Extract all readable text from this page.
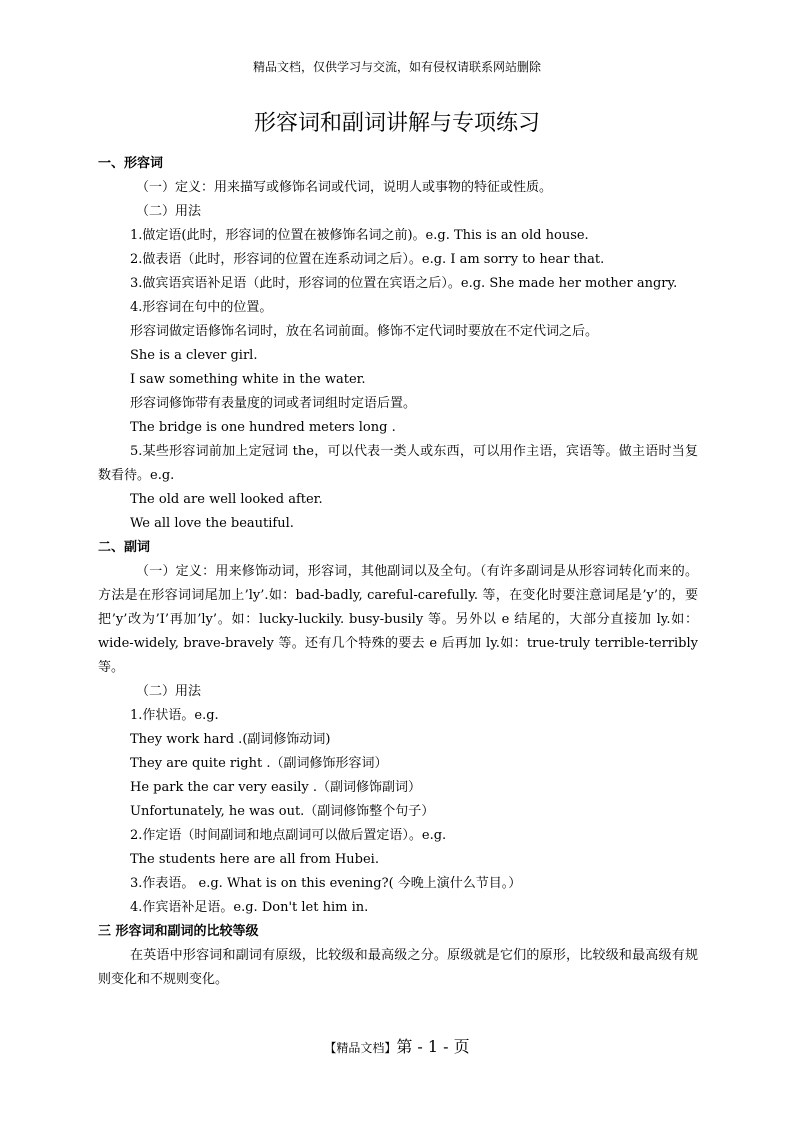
精品文档，仅供学习与交流，如有侵权请联系网站删除
形容词和副词讲解与专项练习
一、形容词
（一）定义：用来描写或修饰名词或代词，说明人或事物的特征或性质。
（二）用法
1.做定语(此时，形容词的位置在被修饰名词之前)。e.g. This is an old house.
2.做表语（此时，形容词的位置在连系动词之后）。e.g. I am sorry to hear that.
3.做宾语宾语补足语（此时，形容词的位置在宾语之后）。e.g. She made her mother angry.
4.形容词在句中的位置。
形容词做定语修饰名词时，放在名词前面。修饰不定代词时要放在不定代词之后。
She is a clever girl.
I saw something white in the water.
形容词修饰带有表量度的词或者词组时定语后置。
The bridge is one hundred meters long .
5.某些形容词前加上定冠词 the，可以代表一类人或东西，可以用作主语，宾语等。做主语时当复数看待。e.g.
The old are well looked after.
We all love the beautiful.
二、副词
（一）定义：用来修饰动词，形容词，其他副词以及全句。（有许多副词是从形容词转化而来的。方法是在形容词词尾加上’ly’.如：bad-badly, careful-carefully. 等，在变化时要注意词尾是’y’的，要把’y’改为’I’再加’ly’。如：lucky-luckily. busy-busily 等。另外以 e 结尾的，大部分直接加 ly.如：wide-widely, brave-bravely 等。还有几个特殊的要去 e 后再加 ly.如：true-truly terrible-terribly 等。
（二）用法
1.作状语。e.g.
They work hard .(副词修饰动词)
They are quite right .（副词修饰形容词）
He park the car very easily .（副词修饰副词）
Unfortunately, he was out.（副词修饰整个句子）
2.作定语（时间副词和地点副词可以做后置定语）。e.g.
The students here are all from Hubei.
3.作表语。 e.g. What is on this evening?( 今晚上演什么节目。）
4.作宾语补足语。e.g. Don't let him in.
三 形容词和副词的比较等级
在英语中形容词和副词有原级，比较级和最高级之分。原级就是它们的原形，比较级和最高级有规则变化和不规则变化。
【精品文档】第 - 1 - 页
